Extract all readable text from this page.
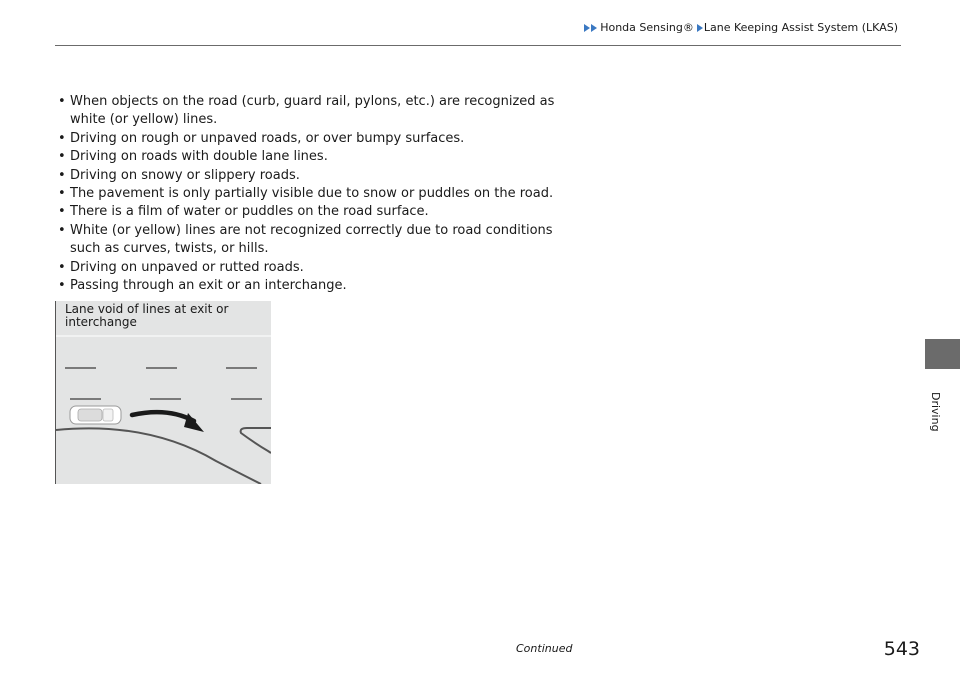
Honda Sensing® Lane Keeping Assist System (LKAS)
• When objects on the road (curb, guard rail, pylons, etc.) are recognized as white (or yellow) lines.
• Driving on rough or unpaved roads, or over bumpy surfaces.
• Driving on roads with double lane lines.
• Driving on snowy or slippery roads.
• The pavement is only partially visible due to snow or puddles on the road.
• There is a film of water or puddles on the road surface.
• White (or yellow) lines are not recognized correctly due to road conditions such as curves, twists, or hills.
• Driving on unpaved or rutted roads.
• Passing through an exit or an interchange.
Lane void of lines at exit or interchange
Driving
Continued	543
